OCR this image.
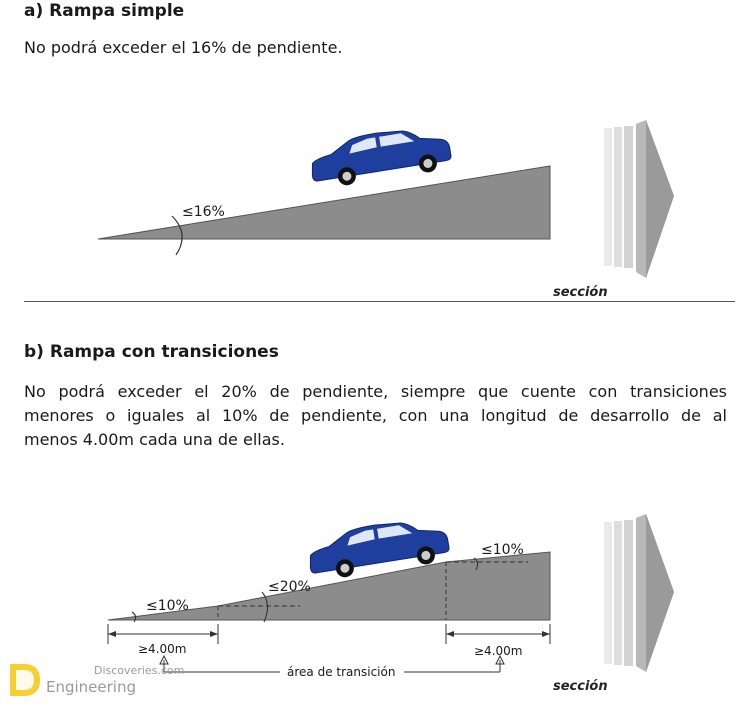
a) Rampa simple

No podrá exceder el 16% de pendiente.

≤16%
sección
b) Rampa con transiciones

No podrá exceder el 20% de pendiente, siempre que cuente con transiciones
menores o iguales al 10% de pendiente, con una longitud de desarrollo de al
menos 4.00m cada una de ellas.

≤10%
≤20%
≤10%
≥4.00m	≥4.00m
área de transición
sección
Discoveries.com
Engineering
